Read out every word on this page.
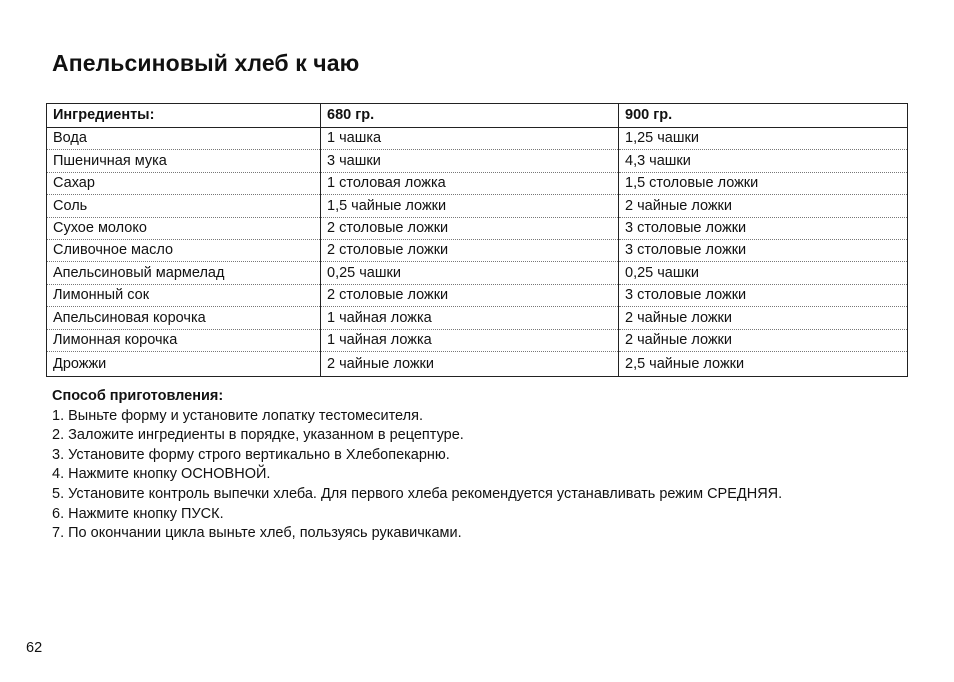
Апельсиновый хлеб к чаю
Ингредиенты:	680 гр.	900 гр.
Вода	1 чашка	1,25 чашки
Пшеничная мука	3 чашки	4,3 чашки
Сахар	1 столовая ложка	1,5 столовые ложки
Соль	1,5 чайные ложки	2 чайные ложки
Сухое молоко	2 столовые ложки	3 столовые ложки
Сливочное масло	2 столовые ложки	3 столовые ложки
Апельсиновый мармелад	0,25 чашки	0,25 чашки
Лимонный сок	2 столовые ложки	3 столовые ложки
Апельсиновая корочка	1 чайная ложка	2 чайные ложки
Лимонная корочка	1 чайная ложка	2 чайные ложки
Дрожжи	2 чайные ложки	2,5 чайные ложки

Способ приготовления:

1. Выньте форму и установите лопатку тестомесителя.
2. Заложите ингредиенты в порядке, указанном в рецептуре.
3. Установите форму строго вертикально в Хлебопекарню.
4. Нажмите кнопку ОСНОВНОЙ.
5. Установите контроль выпечки хлеба. Для первого хлеба рекомендуется устанавливать режим СРЕДНЯЯ.
6. Нажмите кнопку ПУСК.
7. По окончании цикла выньте хлеб, пользуясь рукавичками.
62
